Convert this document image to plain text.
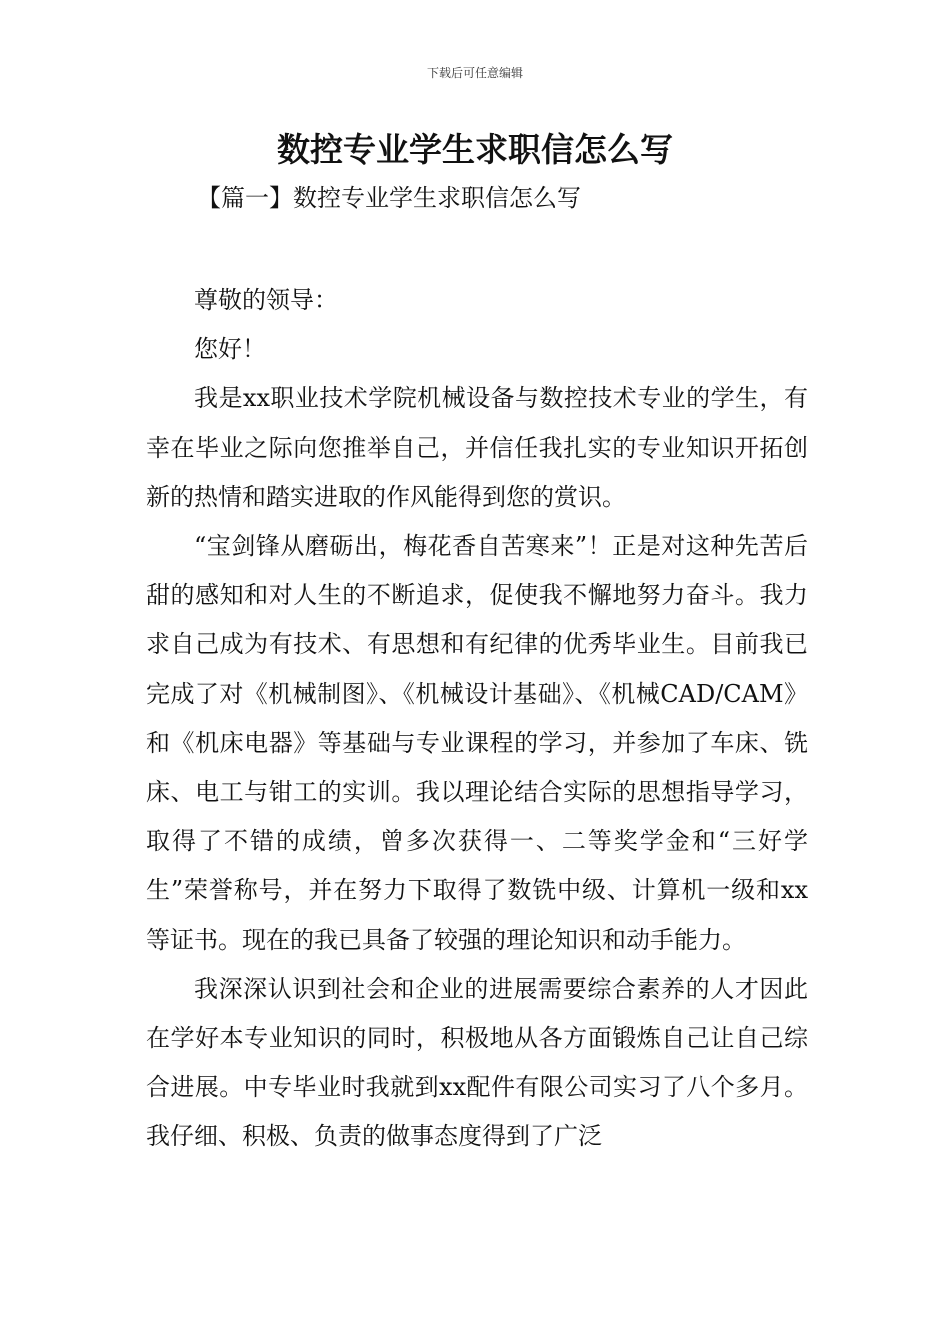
下载后可任意编辑
数控专业学生求职信怎么写
【篇一】数控专业学生求职信怎么写

尊敬的领导：

您好！

我是xx职业技术学院机械设备与数控技术专业的学生，有幸在毕业之际向您推举自己，并信任我扎实的专业知识开拓创新的热情和踏实进取的作风能得到您的赏识。

“宝剑锋从磨砺出，梅花香自苦寒来”！正是对这种先苦后甜的感知和对人生的不断追求，促使我不懈地努力奋斗。我力求自己成为有技术、有思想和有纪律的优秀毕业生。目前我已完成了对《机械制图》、《机械设计基础》、《机械CAD/CAM》和《机床电器》等基础与专业课程的学习，并参加了车床、铣床、电工与钳工的实训。我以理论结合实际的思想指导学习，取得了不错的成绩，曾多次获得一、二等奖学金和“三好学生”荣誉称号，并在努力下取得了数铣中级、计算机一级和xx等证书。现在的我已具备了较强的理论知识和动手能力。

我深深认识到社会和企业的进展需要综合素养的人才因此在学好本专业知识的同时，积极地从各方面锻炼自己让自己综合进展。中专毕业时我就到xx配件有限公司实习了八个多月。我仔细、积极、负责的做事态度得到了广泛
